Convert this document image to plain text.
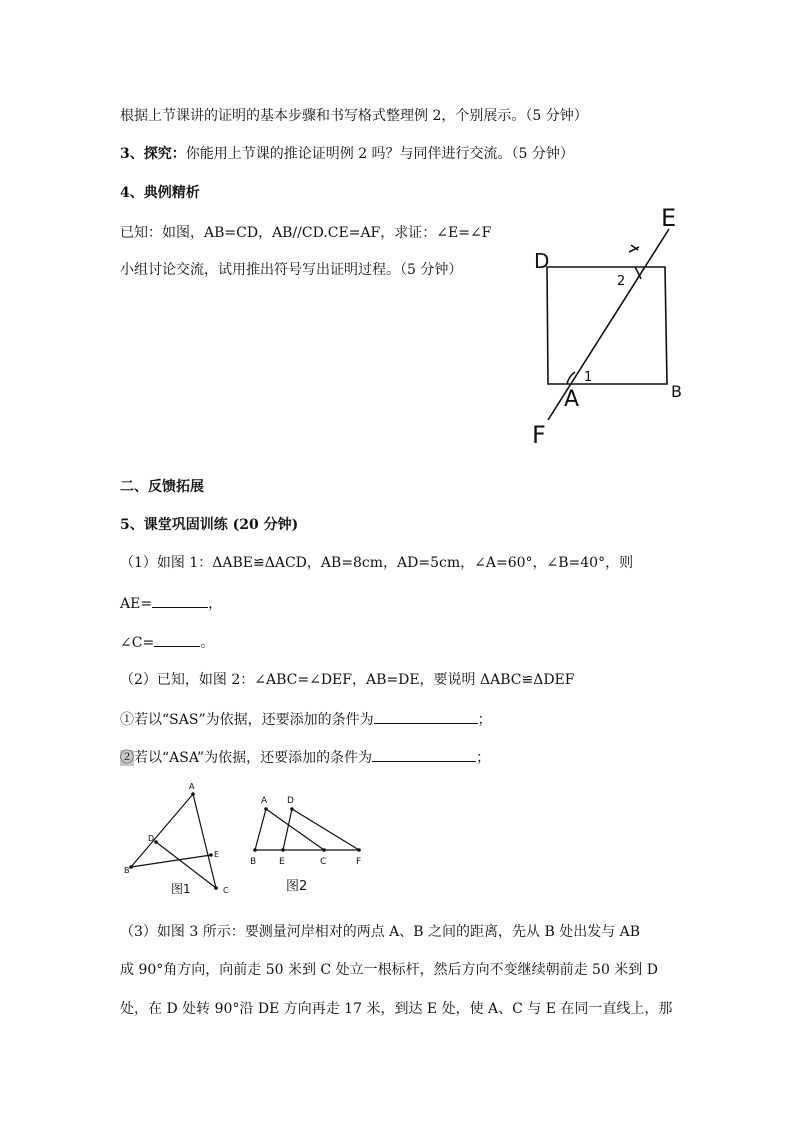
根据上节课讲的证明的基本步骤和书写格式整理例 2，个别展示。（5 分钟）
3、探究：你能用上节课的推论证明例 2 吗？与同伴进行交流。（5 分钟）
4、典例精析
已知：如图，AB=CD，AB//CD.CE=AF，求证：∠E=∠F
小组讨论交流，试用推出符号写出证明过程。（5 分钟）
E
D
A	B
F
1
2
二、反馈拓展
5、课堂巩固训练 (20 分钟)
（1）如图 1：ΔABE≌ΔACD，AB=8cm，AD=5cm，∠A=60°，∠B=40°，则
AE=	，
∠C=	。
（2）已知，如图 2：∠ABC=∠DEF，AB=DE，要说明 ΔABC≌ΔDEF
①若以“SAS”为依据，还要添加的条件为	；
②若以“ASA”为依据，还要添加的条件为	；
A
D
E
B
C
图1
A D
B	E	C	F
图2
（3）如图 3 所示：要测量河岸相对的两点 A、B 之间的距离，先从 B 处出发与 AB
成 90°角方向，向前走 50 米到 C 处立一根标杆，然后方向不变继续朝前走 50 米到 D
处，在 D 处转 90°沿 DE 方向再走 17 米，到达 E 处，使 A、C 与 E 在同一直线上，那
